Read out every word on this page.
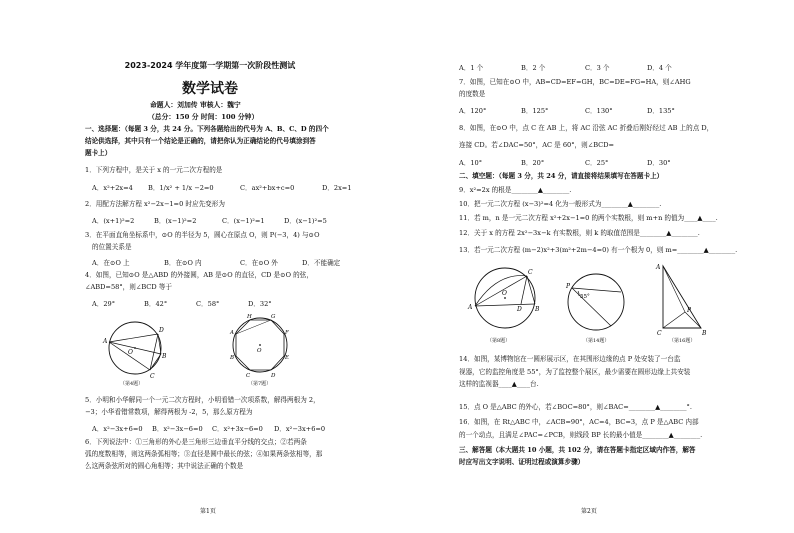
2023-2024 学年度第一学期第一次阶段性测试
数学试卷
命题人：刘加传 审核人：魏宁
（总分：150 分 时间：100 分钟）
一、选择题：（每题 3 分，共 24 分。下列各题给出的代号为 A、B、C、D 的四个
结论供选择，其中只有一个结论是正确的，请把你认为正确结论的代号填涂到答
题卡上）
1．下列方程中，是关于 x 的一元二次方程的是
A．x²+2x=4 B．1/x² + 1/x −2=0	C．ax²+bx+c=0	D．2x=1
2．用配方法解方程 x²−2x−1=0 时应先变形为
A．(x+1)²=2	B．(x−1)²=2	C．(x−1)²=1	D．(x−1)²=5
3．在平面直角坐标系中，⊙O 的半径为 5，圆心在原点 O，则 P(−3，4) 与⊙O
的位置关系是
A．在⊙O 上	B．在⊙O 内	C．在⊙O 外	D．不能确定
4．如图，已知⊙O 是△ABD 的外接圆，AB 是⊙O 的直径，CD 是⊙O 的弦，
∠ABD=58°，则∠BCD 等于
A．29°	B．42°	C．58°	D．32°
A
B
C
D
O
（第4题）
H	G
F
E
D
C
B
A
O
（第7题）
5．小明和小华解同一个一元二次方程时，小明看错一次项系数，解得两根为 2，
−3；小华看错常数项，解得两根为 -2，5，那么原方程为
A．x²−3x+6=0 B．x²−3x−6=0 C．x²+3x−6=0 D．x²−3x+6=0
6．下列说法中：①三角形的外心是三角形三边垂直平分线的交点；②若两条
弧的度数相等，则这两条弧相等；③直径是圆中最长的弦；④如果两条弦相等，那
么这两条弦所对的圆心角相等；其中说法正确的个数是
第1页
A．1 个	B．2 个	C．3 个	D．4 个
7．如图，已知在⊙O 中，AB=CD=EF=GH，BC=DE=FG=HA，则∠AHG
的度数是
A．120°	B．125°	C．130°	D．135°
8．如图，在⊙O 中，点 C 在 AB 上，将 AC 沿弦 AC 折叠后刚好经过 AB 上的点 D，
连接 CD。若∠DAC=50°，AC 是 60°，则∠BCD=
A．10°	B．20°	C．25°	D．30°
二、填空题：（每题 3 分，共 24 分，请直接将结果填写在答题卡上）
9．x²=2x 的根是________▲________.
10．把一元二次方程 (x−3)²=4 化为一般形式为________▲________.
11．若 m，n 是一元二次方程 x²+2x−1=0 的两个实数根，则 m+n 的值为____▲____.
12．关于 x 的方程 2x²−3x−k 有实数根，则 k 的取值范围是________▲________.
13．若一元二次方程 (m−2)x²+3(m²+2m−4=0) 有一个根为 0，则 m=________▲________.
A	B
C
D
O
（第8题）
P
55°
（第14题）
A
C	B
P
（第16题）
14．如图，某博物馆在一圆形展示区，在其围形边缘的点 P 处安装了一台监
视器，它的监控角度是 55°，为了监控整个展区，最少需要在圆形边缘上共安装
这样的监视器____▲____台.
15．点 O 是△ABC 的外心，若∠BOC=80°，则∠BAC=________▲________°.
16．如图，在 Rt△ABC 中，∠ACB=90°，AC=4，BC=3，点 P 是△ABC 内部
的一个动点，且满足∠PAC=∠PCB，则线段 BP 长的最小值是________▲________.
三、解答题（本大题共 10 小题，共 102 分，请在答题卡指定区域内作答，解答
时应写出文字说明、证明过程或演算步骤）
第2页
